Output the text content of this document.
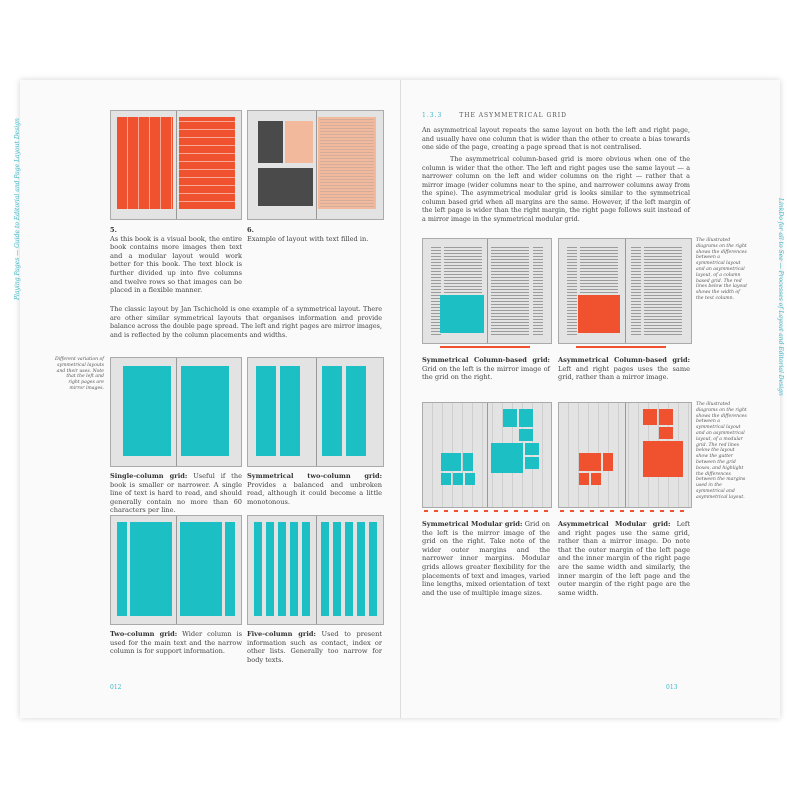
Playing Pages — Guide to Editorial and Page Layout Design	5.

As this book is a visual book, the entire book contains more images then text and a modular layout would work better for this book. The text block is further divided up into five columns and twelve rows so that images can be placed in a flexible manner.
6.
Example of layout with text filled in.
The classic layout by Jan Tschichold is one example of a symmetrical layout. There are other similar symmetrical layouts that organises information and provide balance across the double page spread. The left and right pages are mirror images, and is reflected by the column placements and widths.
Different variation of symmetrical layouts and their uses. Note that the left and right pages are mirror images.
Single-column grid: Useful if the book is smaller or narrower. A single line of text is hard to read, and should generally contain no more than 60 characters per line.
Symmetrical two-column grid: Provides a balanced and unbroken read, although it could become a little monotonous.
Two-column grid: Wider column is used for the main text and the narrow column is for support information.
Five-column grid: Used to present information such as contact, index or other lists. Generally too narrow for body texts.
012
LinkDo for all to See — Processes of Layout and Editorial Design
1.3.3	THE ASYMMETRICAL GRID
An asymmetrical layout repeats the same layout on both the left and right page, and usually have one column that is wider than the other to create a bias towards one side of the page, creating a page spread that is not centralised.
The asymmetrical column-based grid is more obvious when one of the column is wider that the other. The left and right pages use the same layout — a narrower column on the left and wider columns on the right — rather that a mirror image (wider columns near to the spine, and narrower columns away from the spine). The asymmetrical modular grid is looks similar to the symmetrical column based grid when all margins are the same. However, if the left margin of the left page is wider than the right margin, the right page follows suit instead of a mirror image in the symmetrical modular grid.
The illustrated diagrams on the right shows the differences between a symmetrical layout and an asymmetrical layout, of a column based grid. The red lines below the layout shows the width of the text column.
Symmetrical Column-based grid: Grid on the left is the mirror image of the grid on the right.
Asymmetrical Column-based grid: Left and right pages uses the same grid, rather than a mirror image.
The illustrated diagrams on the right shows the differences between a symmetrical layout and an asymmetrical layout, of a modular grid. The red lines below the layout show the gutter between the grid boxes, and highlight the differences between the margins used in the symmetrical and asymmetrical layout.
Symmetrical Modular grid: Grid on the left is the mirror image of the grid on the right. Take note of the wider outer margins and the narrower inner margins. Modular grids allows greater flexibility for the placements of text and images, varied line lengths, mixed orientation of text and the use of multiple image sizes.
Asymmetrical Modular grid: Left and right pages use the same grid, rather than a mirror image. Do note that the outer margin of the left page and the inner margin of the right page are the same width and similarly, the inner margin of the left page and the outer margin of the right page are the same width.
013
